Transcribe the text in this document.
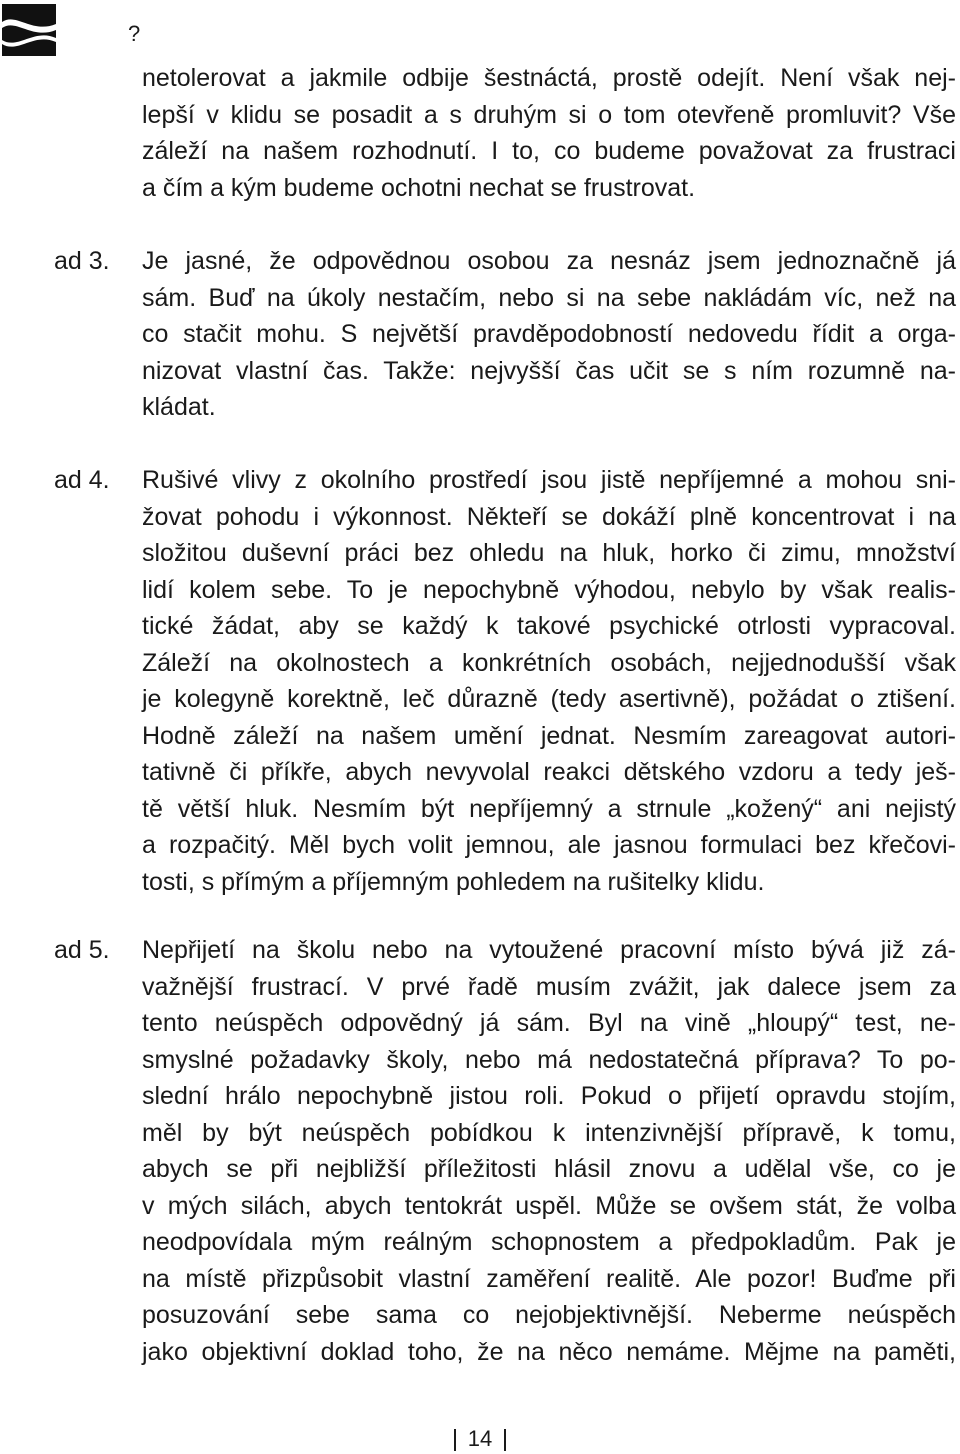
?
netolerovat a jakmile odbije šestnáctá, prostě odejít. Není však nej-
lepší v klidu se posadit a s druhým si o tom otevřeně promluvit? Vše
záleží na našem rozhodnutí. I to, co budeme považovat za frustraci
a čím a kým budeme ochotni nechat se frustrovat.
ad 3. Je jasné, že odpovědnou osobou za nesnáz jsem jednoznačně já
sám. Buď na úkoly nestačím, nebo si na sebe nakládám víc, než na
co stačit mohu. S největší pravděpodobností nedovedu řídit a orga-
nizovat vlastní čas. Takže: nejvyšší čas učit se s ním rozumně na-
kládat.
ad 4. Rušivé vlivy z okolního prostředí jsou jistě nepříjemné a mohou sni-
žovat pohodu i výkonnost. Někteří se dokáží plně koncentrovat i na
složitou duševní práci bez ohledu na hluk, horko či zimu, množství
lidí kolem sebe. To je nepochybně výhodou, nebylo by však realis-
tické žádat, aby se každý k takové psychické otrlosti vypracoval.
Záleží na okolnostech a konkrétních osobách, nejjednodušší však
je kolegyně korektně, leč důrazně (tedy asertivně), požádat o ztišení.
Hodně záleží na našem umění jednat. Nesmím zareagovat autori-
tativně či příkře, abych nevyvolal reakci dětského vzdoru a tedy ješ-
tě větší hluk. Nesmím být nepříjemný a strnule „kožený“ ani nejistý
a rozpačitý. Měl bych volit jemnou, ale jasnou formulaci bez křečovi-
tosti, s přímým a příjemným pohledem na rušitelky klidu.
ad 5. Nepřijetí na školu nebo na vytoužené pracovní místo bývá již zá-
važnější frustrací. V prvé řadě musím zvážit, jak dalece jsem za
tento neúspěch odpovědný já sám. Byl na vině „hloupý“ test, ne-
smyslné požadavky školy, nebo má nedostatečná příprava? To po-
slední hrálo nepochybně jistou roli. Pokud o přijetí opravdu stojím,
měl by být neúspěch pobídkou k intenzivnější přípravě, k tomu,
abych se při nejbližší příležitosti hlásil znovu a udělal vše, co je
v mých silách, abych tentokrát uspěl. Může se ovšem stát, že volba
neodpovídala mým reálným schopnostem a předpokladům. Pak je
na místě přizpůsobit vlastní zaměření realitě. Ale pozor! Buďme při
posuzování sebe sama co nejobjektivnější. Neberme neúspěch
jako objektivní doklad toho, že na něco nemáme. Mějme na paměti,
14
